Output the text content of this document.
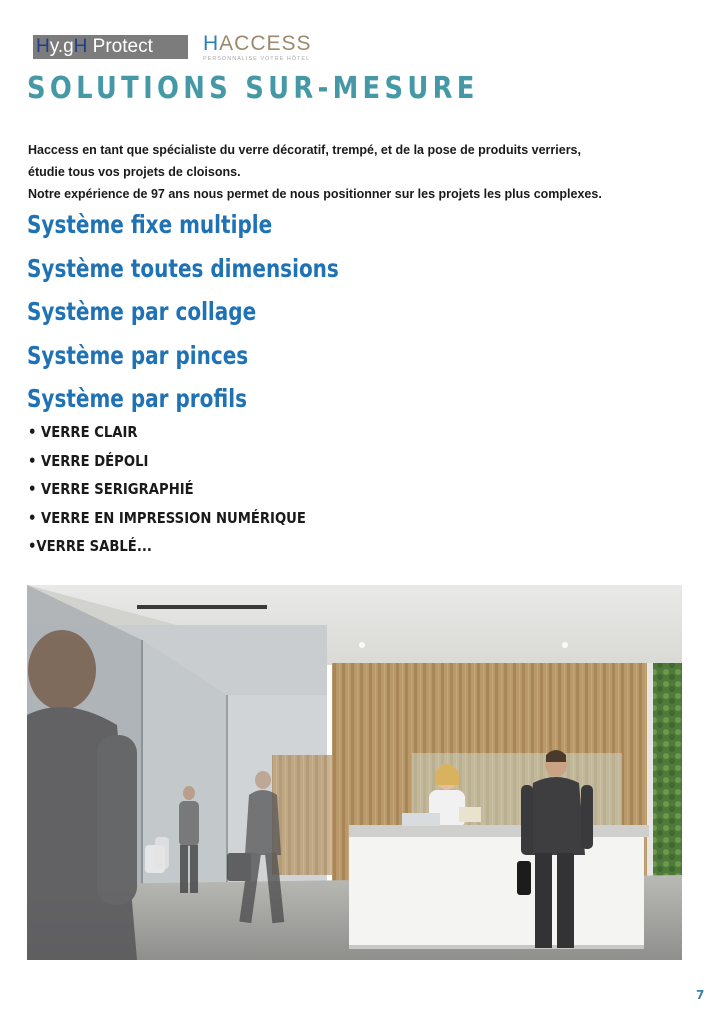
Hy.gH Protect	HACCESS
PERSONNALISE VOTRE HÔTEL
SOLUTIONS SUR-MESURE

Haccess en tant que spécialiste du verre décoratif, trempé, et de la pose de produits verriers,

étudie tous vos projets de cloisons.

Notre expérience de 97 ans nous permet de nous positionner sur les projets les plus complexes.

Système fixe multiple
Système toutes dimensions
Système par collage
Système par pinces
Système par profils
• VERRE CLAIR
• VERRE DÉPOLI
• VERRE SERIGRAPHIÉ
• VERRE EN IMPRESSION NUMÉRIQUE
•VERRE SABLÉ...
7
